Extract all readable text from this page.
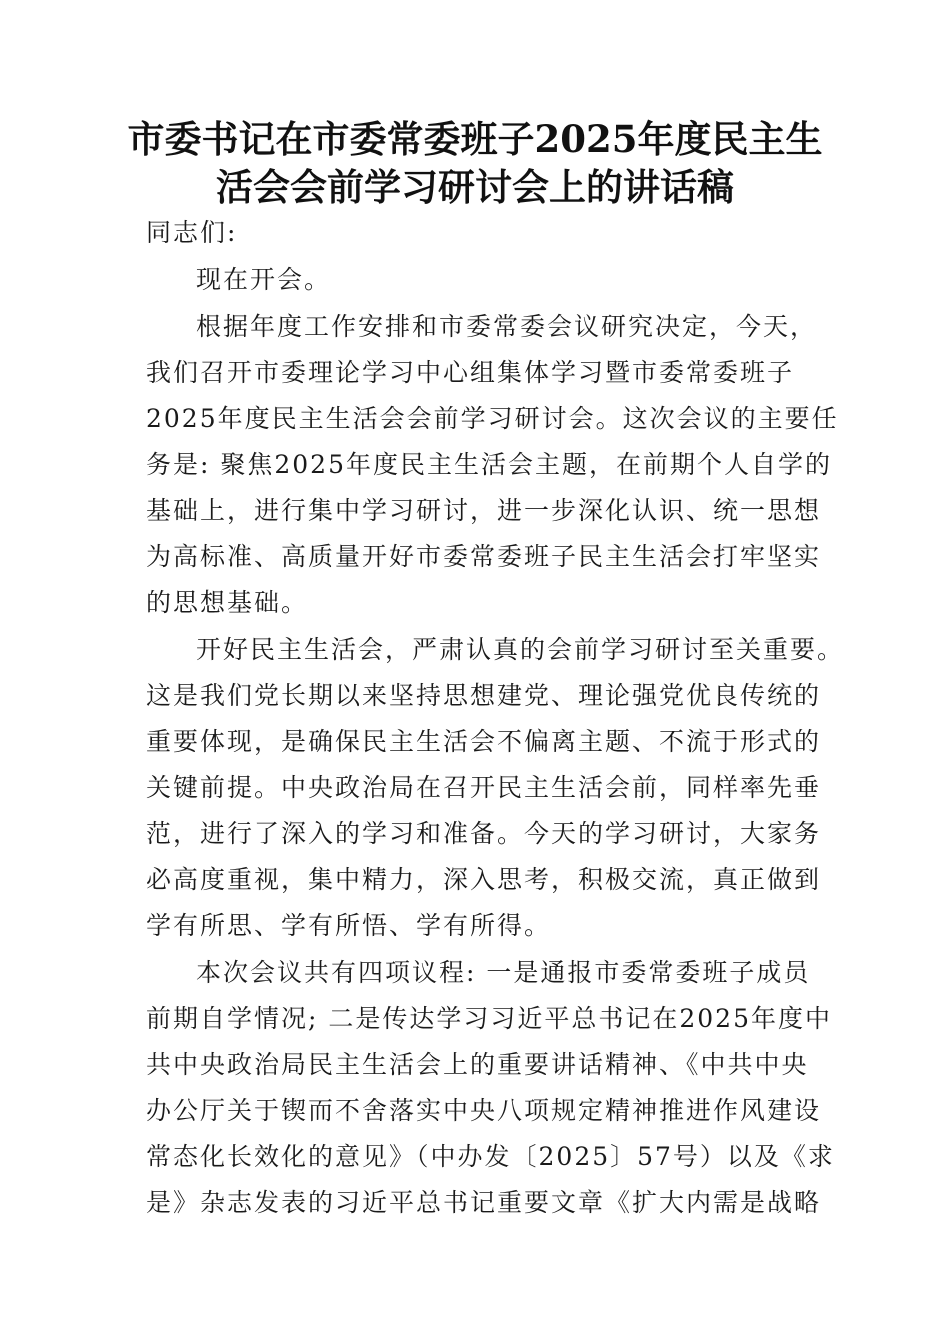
市委书记在市委常委班子2025年度民主生
活会会前学习研讨会上的讲话稿
同志们:
现在开会。
根据年度工作安排和市委常委会议研究决定，今天，
我们召开市委理论学习中心组集体学习暨市委常委班子
2025年度民主生活会会前学习研讨会。这次会议的主要任
务是: 聚焦2025年度民主生活会主题，在前期个人自学的
基础上，进行集中学习研讨，进一步深化认识、统一思想
为高标准、高质量开好市委常委班子民主生活会打牢坚实
的思想基础。
开好民主生活会，严肃认真的会前学习研讨至关重要。
这是我们党长期以来坚持思想建党、理论强党优良传统的
重要体现，是确保民主生活会不偏离主题、不流于形式的
关键前提。中央政治局在召开民主生活会前，同样率先垂
范，进行了深入的学习和准备。今天的学习研讨，大家务
必高度重视，集中精力，深入思考，积极交流，真正做到
学有所思、学有所悟、学有所得。
本次会议共有四项议程: 一是通报市委常委班子成员
前期自学情况; 二是传达学习习近平总书记在2025年度中
共中央政治局民主生活会上的重要讲话精神、《中共中央
办公厅关于锲而不舍落实中央八项规定精神推进作风建设
常态化长效化的意见》（中办发〔2025〕57号）以及《求
是》杂志发表的习近平总书记重要文章《扩大内需是战略
